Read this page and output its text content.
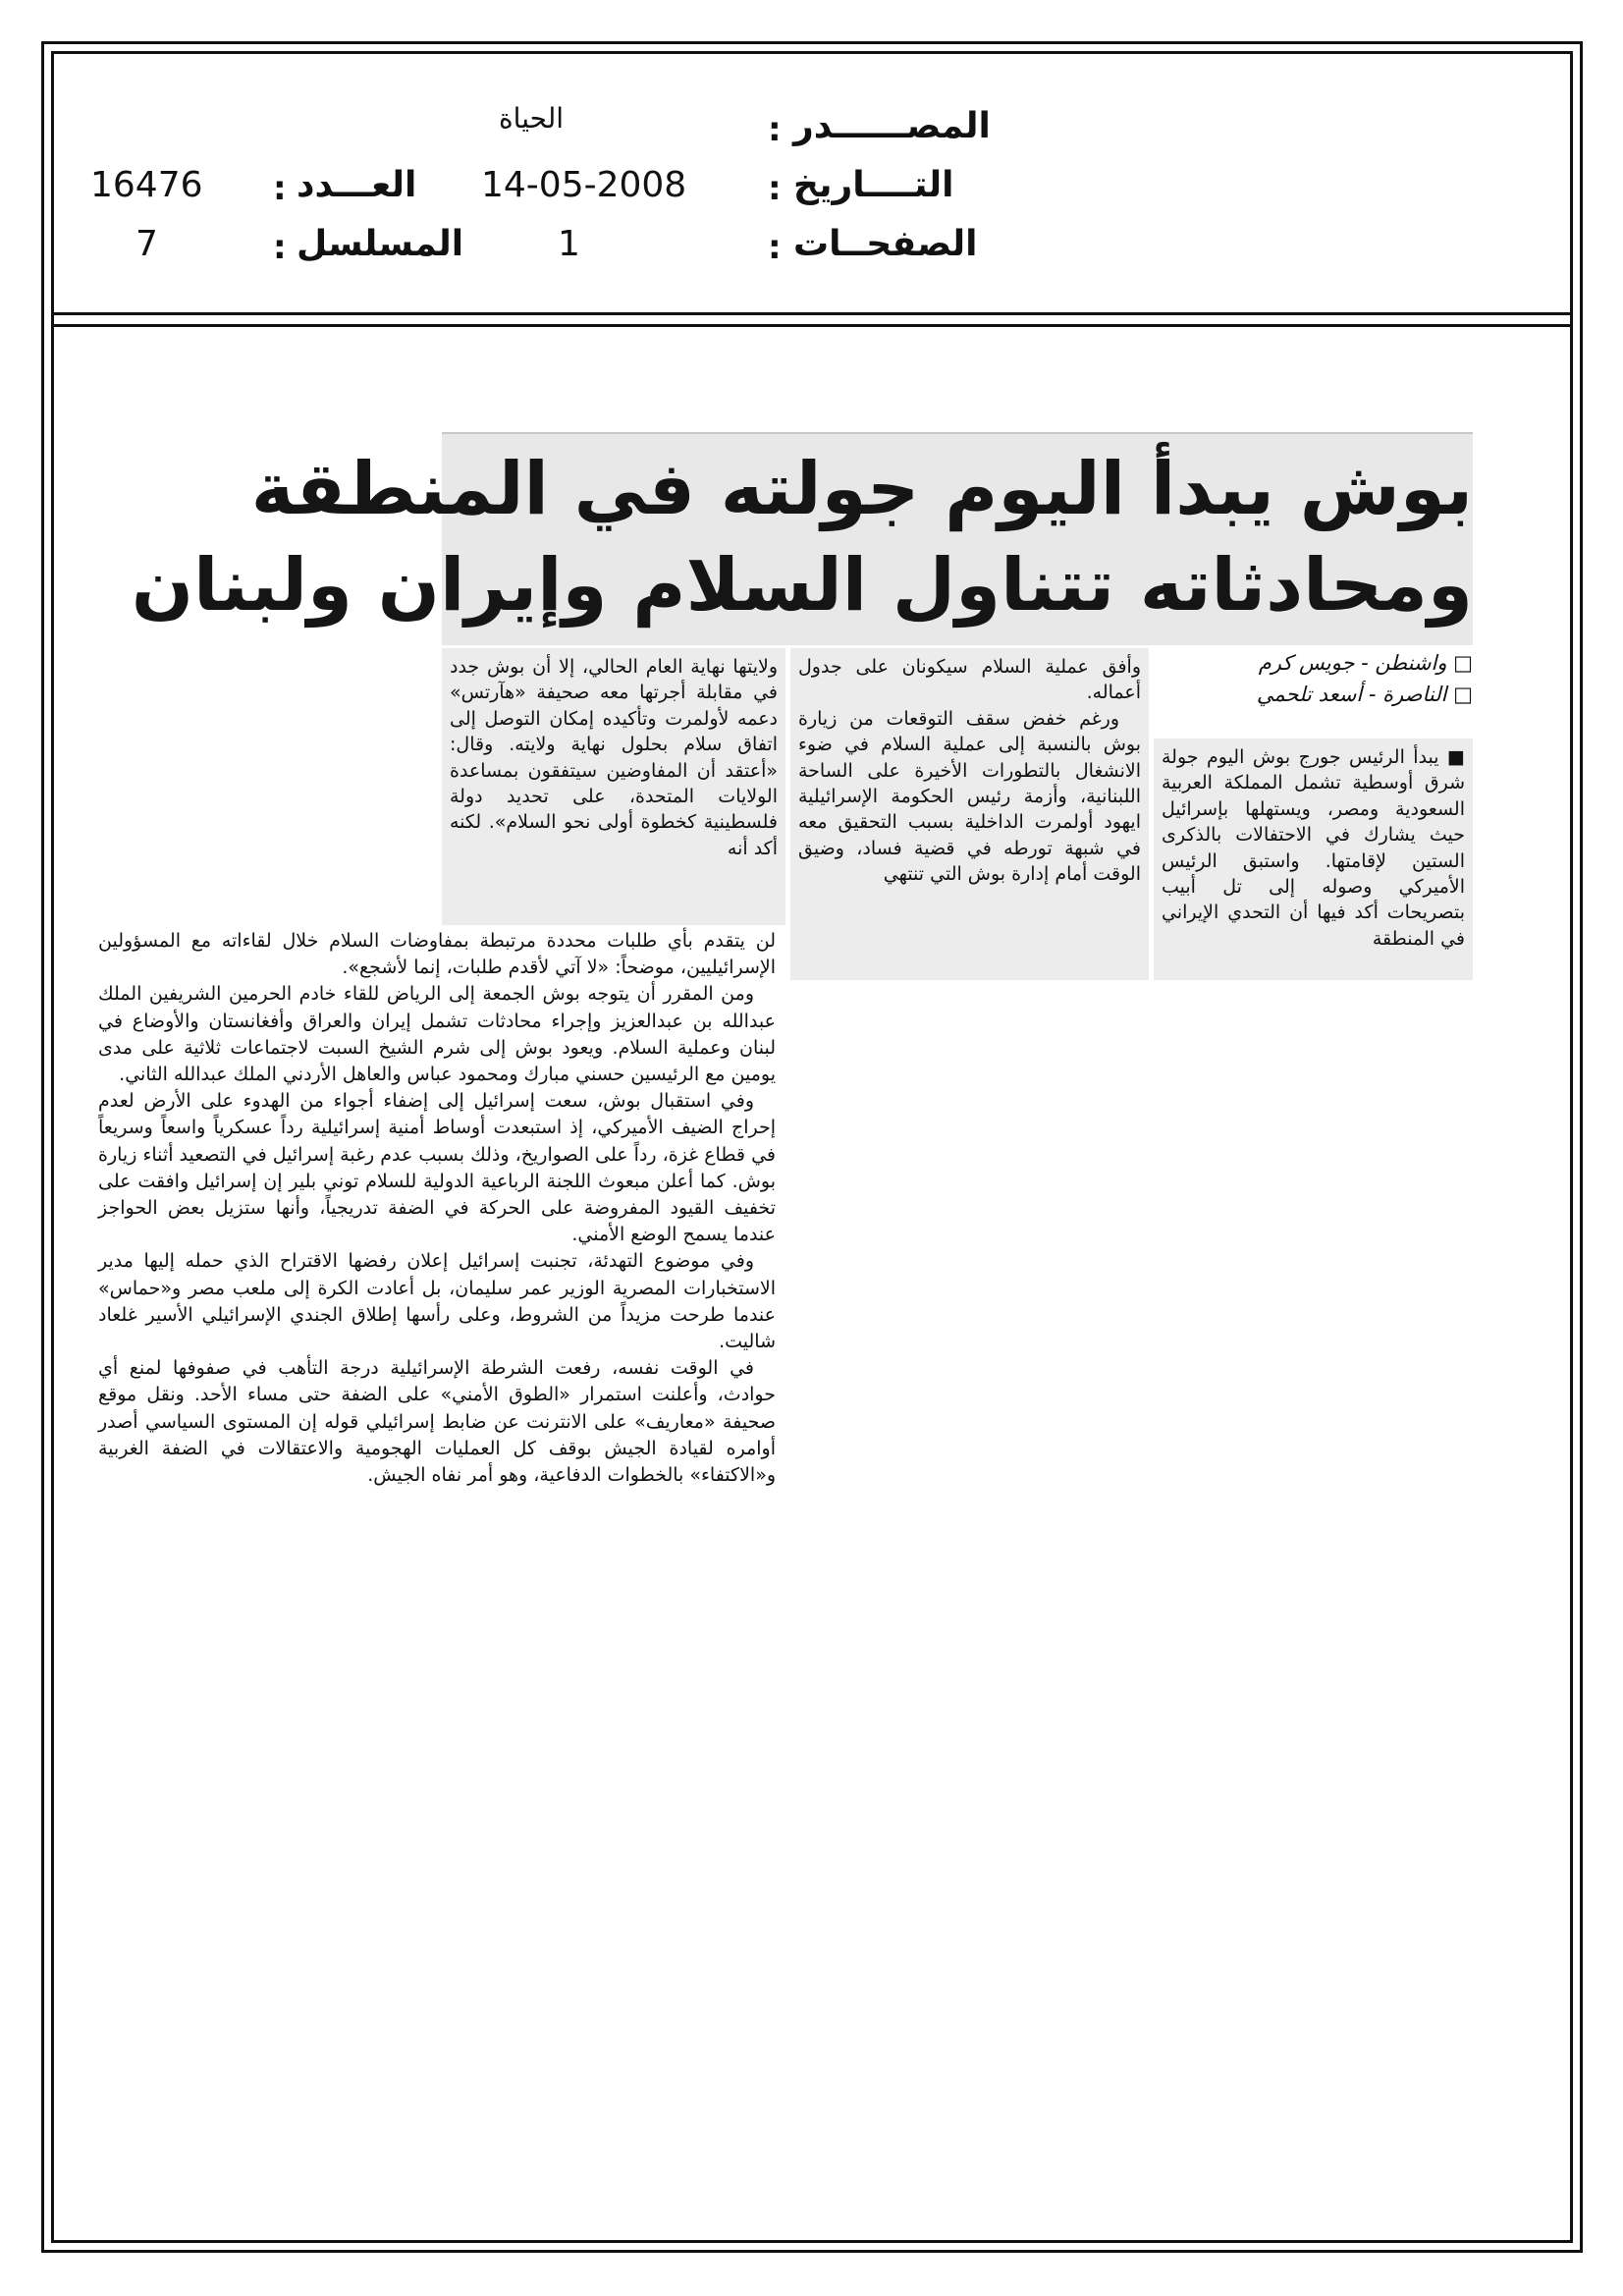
المصــــــدر
:
الحياة
التــــاريخ
:
14-05-2008
العـــدد
:
16476
الصفحــات
:
1
المسلسل
:
7
بوش يبدأ اليوم جولته في المنطقة
ومحادثاته تتناول السلام وإيران ولبنان
□ واشنطن - جويس كرم
□ الناصرة - أسعد تلحمي

■ يبدأ الرئيس جورج بوش اليوم جولة شرق أوسطية تشمل المملكة العربية السعودية ومصر، ويستهلها بإسرائيل حيث يشارك في الاحتفالات بالذكرى الستين لإقامتها. واستبق الرئيس الأميركي وصوله إلى تل أبيب بتصريحات أكد فيها أن التحدي الإيراني في المنطقة

وأفق عملية السلام سيكونان على جدول أعماله.

ورغم خفض سقف التوقعات من زيارة بوش بالنسبة إلى عملية السلام في ضوء الانشغال بالتطورات الأخيرة على الساحة اللبنانية، وأزمة رئيس الحكومة الإسرائيلية ايهود أولمرت الداخلية بسبب التحقيق معه في شبهة تورطه في قضية فساد، وضيق الوقت أمام إدارة بوش التي تنتهي

ولايتها نهاية العام الحالي، إلا أن بوش جدد في مقابلة أجرتها معه صحيفة «هآرتس» دعمه لأولمرت وتأكيده إمكان التوصل إلى اتفاق سلام بحلول نهاية ولايته. وقال: «أعتقد أن المفاوضين سيتفقون بمساعدة الولايات المتحدة، على تحديد دولة فلسطينية كخطوة أولى نحو السلام». لكنه أكد أنه

لن يتقدم بأي طلبات محددة مرتبطة بمفاوضات السلام خلال لقاءاته مع المسؤولين الإسرائيليين، موضحاً: «لا آتي لأقدم طلبات، إنما لأشجع».

ومن المقرر أن يتوجه بوش الجمعة إلى الرياض للقاء خادم الحرمين الشريفين الملك عبدالله بن عبدالعزيز وإجراء محادثات تشمل إيران والعراق وأفغانستان والأوضاع في لبنان وعملية السلام. ويعود بوش إلى شرم الشيخ السبت لاجتماعات ثلاثية على مدى يومين مع الرئيسين حسني مبارك ومحمود عباس والعاهل الأردني الملك عبدالله الثاني.

وفي استقبال بوش، سعت إسرائيل إلى إضفاء أجواء من الهدوء على الأرض لعدم إحراج الضيف الأميركي، إذ استبعدت أوساط أمنية إسرائيلية رداً عسكرياً واسعاً وسريعاً في قطاع غزة، رداً على الصواريخ، وذلك بسبب عدم رغبة إسرائيل في التصعيد أثناء زيارة بوش. كما أعلن مبعوث اللجنة الرباعية الدولية للسلام توني بلير إن إسرائيل وافقت على تخفيف القيود المفروضة على الحركة في الضفة تدريجياً، وأنها ستزيل بعض الحواجز عندما يسمح الوضع الأمني.

وفي موضوع التهدئة، تجنبت إسرائيل إعلان رفضها الاقتراح الذي حمله إليها مدير الاستخبارات المصرية الوزير عمر سليمان، بل أعادت الكرة إلى ملعب مصر و«حماس» عندما طرحت مزيداً من الشروط، وعلى رأسها إطلاق الجندي الإسرائيلي الأسير غلعاد شاليت.

في الوقت نفسه، رفعت الشرطة الإسرائيلية درجة التأهب في صفوفها لمنع أي حوادث، وأعلنت استمرار «الطوق الأمني» على الضفة حتى مساء الأحد. ونقل موقع صحيفة «معاريف» على الانترنت عن ضابط إسرائيلي قوله إن المستوى السياسي أصدر أوامره لقيادة الجيش بوقف كل العمليات الهجومية والاعتقالات في الضفة الغربية و«الاكتفاء» بالخطوات الدفاعية، وهو أمر نفاه الجيش.
